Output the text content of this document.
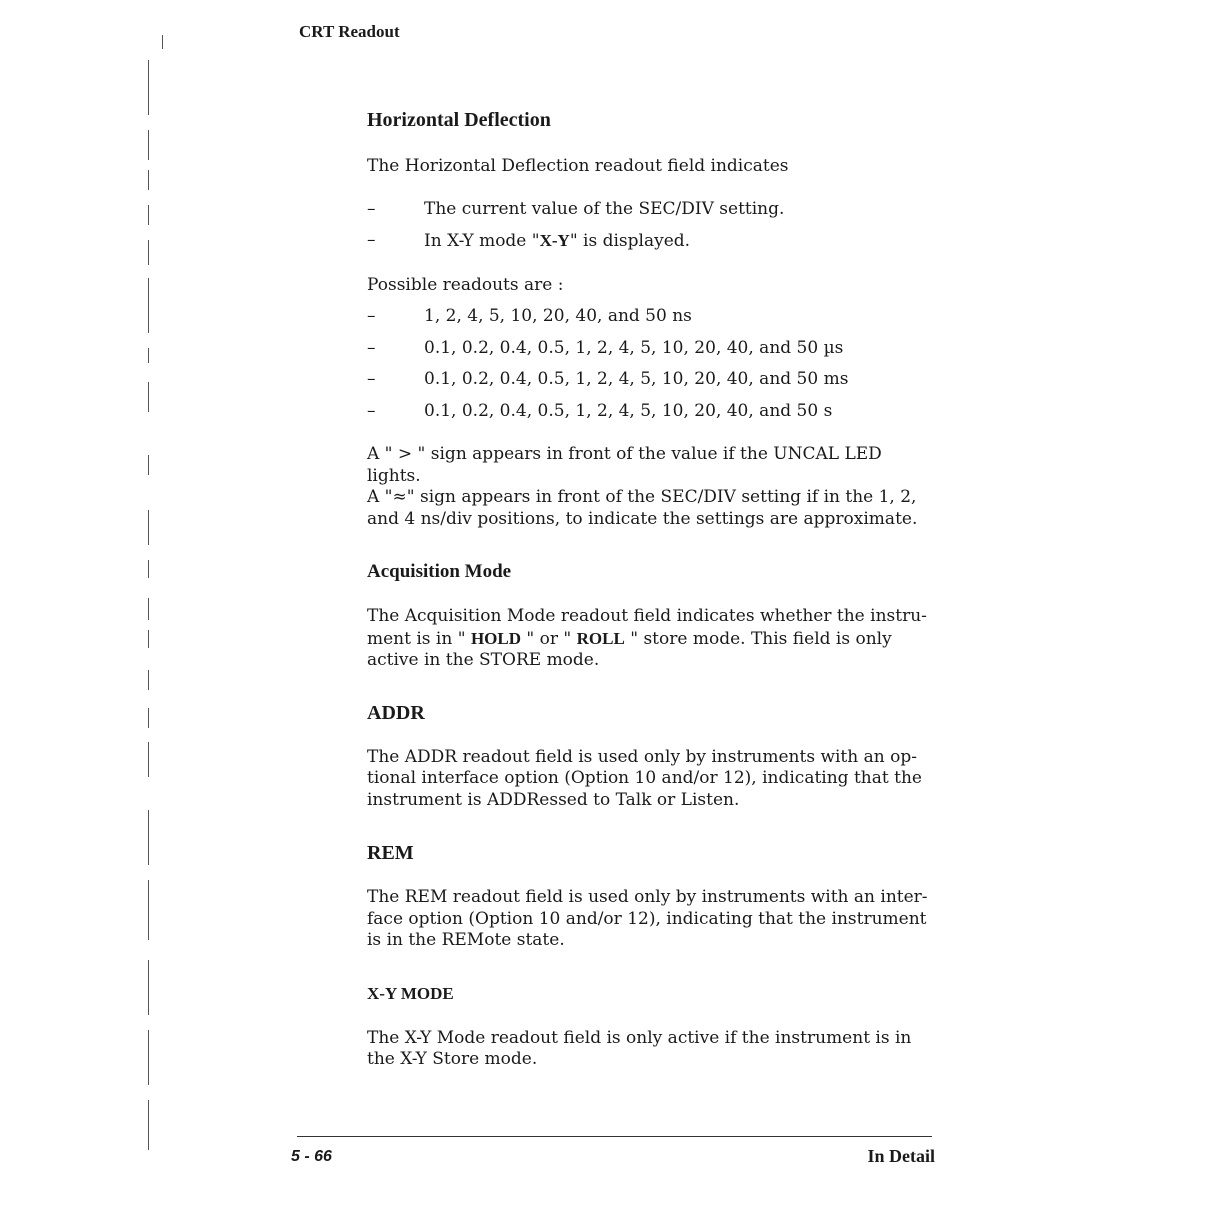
CRT Readout
Horizontal Deflection

The Horizontal Deflection readout field indicates

–	The current value of the SEC/DIV setting.
–	In X-Y mode "X-Y" is displayed.

Possible readouts are :

–	1, 2, 4, 5, 10, 20, 40, and 50 ns
–	0.1, 0.2, 0.4, 0.5, 1, 2, 4, 5, 10, 20, 40, and 50 µs
–	0.1, 0.2, 0.4, 0.5, 1, 2, 4, 5, 10, 20, 40, and 50 ms
–	0.1, 0.2, 0.4, 0.5, 1, 2, 4, 5, 10, 20, 40, and 50 s

A " > " sign appears in front of the value if the UNCAL LED lights.

A "≈" sign appears in front of the SEC/DIV setting if in the 1, 2,

and 4 ns/div positions, to indicate the settings are approximate.

Acquisition Mode

The Acquisition Mode readout field indicates whether the instru-

ment is in " HOLD " or " ROLL " store mode. This field is only

active in the STORE mode.

ADDR

The ADDR readout field is used only by instruments with an op-

tional interface option (Option 10 and/or 12), indicating that the

instrument is ADDRessed to Talk or Listen.

REM

The REM readout field is used only by instruments with an inter-

face option (Option 10 and/or 12), indicating that the instrument

is in the REMote state.

X-Y MODE

The X-Y Mode readout field is only active if the instrument is in

the X-Y Store mode.

5 - 66	In Detail
